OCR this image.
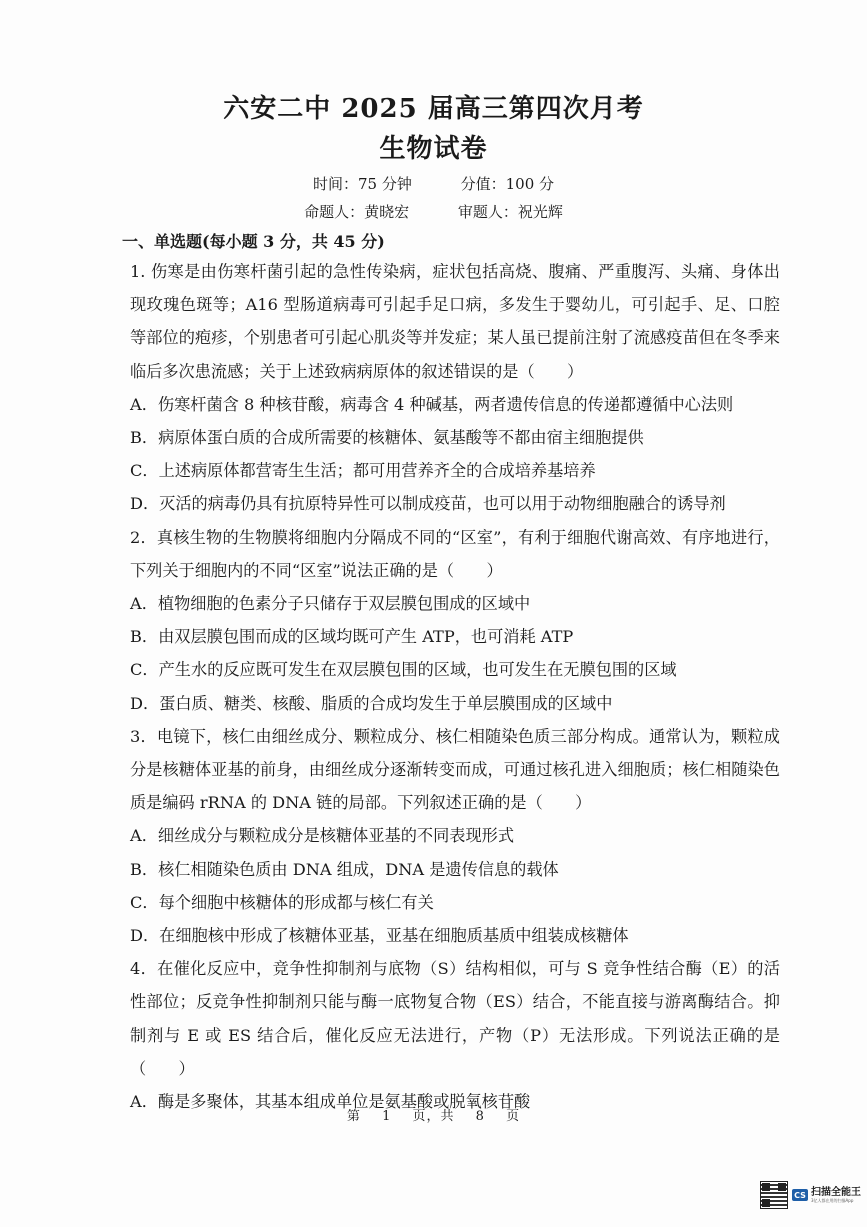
六安二中 2025 届高三第四次月考
生物试卷
时间：75 分钟	分值：100 分
命题人：黄晓宏	审题人：祝光辉
一、单选题(每小题 3 分，共 45 分)

1. 伤寒是由伤寒杆菌引起的急性传染病，症状包括高烧、腹痛、严重腹泻、头痛、身体出现玫瑰色斑等；A16 型肠道病毒可引起手足口病，多发生于婴幼儿，可引起手、足、口腔等部位的疱疹，个别患者可引起心肌炎等并发症；某人虽已提前注射了流感疫苗但在冬季来临后多次患流感；关于上述致病病原体的叙述错误的是（　　）

A．伤寒杆菌含 8 种核苷酸，病毒含 4 种碱基，两者遗传信息的传递都遵循中心法则

B．病原体蛋白质的合成所需要的核糖体、氨基酸等不都由宿主细胞提供

C．上述病原体都营寄生生活；都可用营养齐全的合成培养基培养

D．灭活的病毒仍具有抗原特异性可以制成疫苗，也可以用于动物细胞融合的诱导剂

2．真核生物的生物膜将细胞内分隔成不同的“区室”，有利于细胞代谢高效、有序地进行，下列关于细胞内的不同“区室”说法正确的是（　　）

A．植物细胞的色素分子只储存于双层膜包围成的区域中

B．由双层膜包围而成的区域均既可产生 ATP，也可消耗 ATP

C．产生水的反应既可发生在双层膜包围的区域，也可发生在无膜包围的区域

D．蛋白质、糖类、核酸、脂质的合成均发生于单层膜围成的区域中

3．电镜下，核仁由细丝成分、颗粒成分、核仁相随染色质三部分构成。通常认为，颗粒成分是核糖体亚基的前身，由细丝成分逐渐转变而成，可通过核孔进入细胞质；核仁相随染色质是编码 rRNA 的 DNA 链的局部。下列叙述正确的是（　　）

A．细丝成分与颗粒成分是核糖体亚基的不同表现形式

B．核仁相随染色质由 DNA 组成，DNA 是遗传信息的载体

C．每个细胞中核糖体的形成都与核仁有关

D．在细胞核中形成了核糖体亚基，亚基在细胞质基质中组装成核糖体

4．在催化反应中，竞争性抑制剂与底物（S）结构相似，可与 S 竞争性结合酶（E）的活性部位；反竞争性抑制剂只能与酶一底物复合物（ES）结合，不能直接与游离酶结合。抑制剂与 E 或 ES 结合后，催化反应无法进行，产物（P）无法形成。下列说法正确的是（　　）

A．酶是多聚体，其基本组成单位是氨基酸或脱氧核苷酸

第 1 页，共 8 页
CS 扫描全能王
3亿人都在用的扫描App
